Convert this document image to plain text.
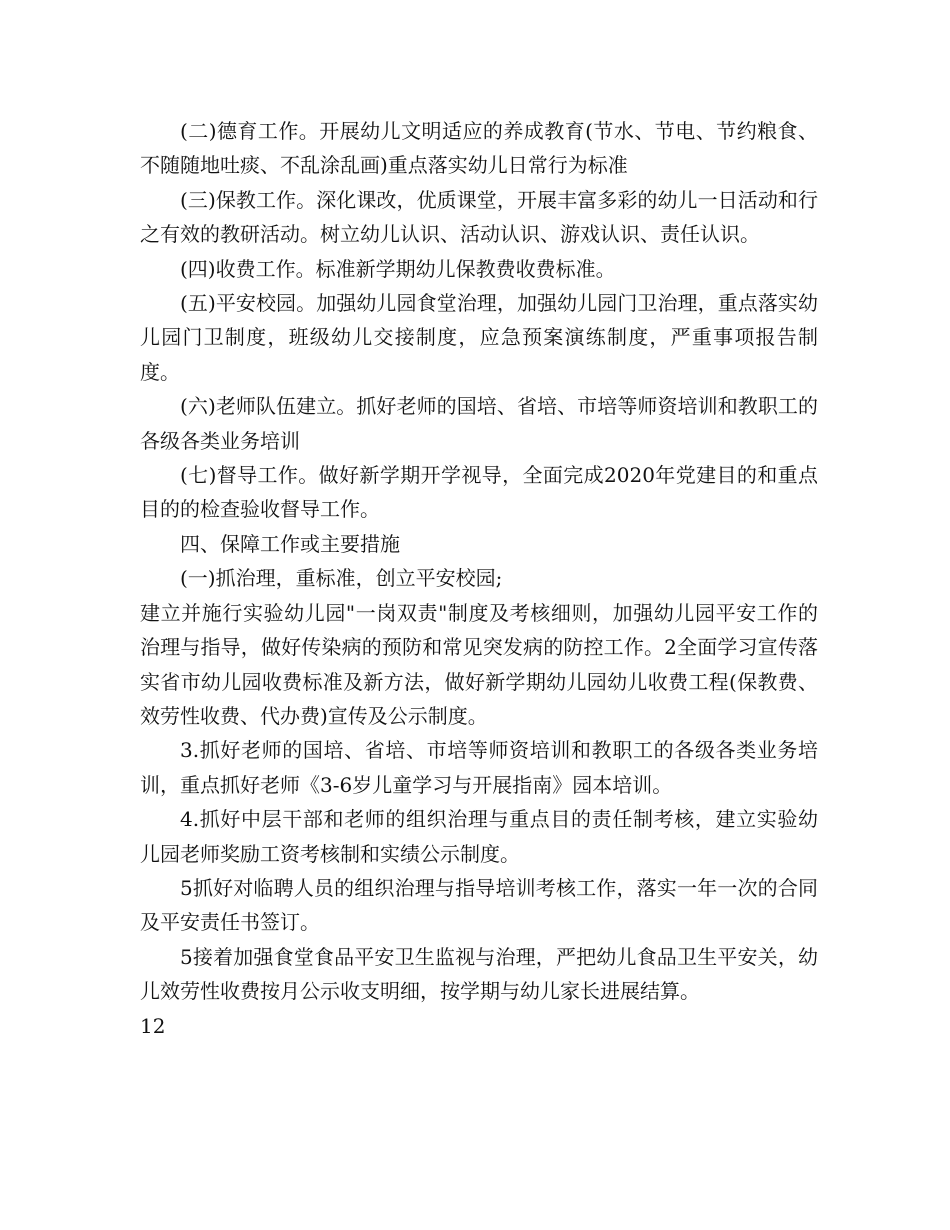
(二)德育工作。开展幼儿文明适应的养成教育(节水、节电、节约粮食、不随随地吐痰、不乱涂乱画)重点落实幼儿日常行为标准

(三)保教工作。深化课改，优质课堂，开展丰富多彩的幼儿一日活动和行之有效的教研活动。树立幼儿认识、活动认识、游戏认识、责任认识。

(四)收费工作。标准新学期幼儿保教费收费标准。

(五)平安校园。加强幼儿园食堂治理，加强幼儿园门卫治理，重点落实幼儿园门卫制度，班级幼儿交接制度，应急预案演练制度，严重事项报告制度。

(六)老师队伍建立。抓好老师的国培、省培、市培等师资培训和教职工的各级各类业务培训

(七)督导工作。做好新学期开学视导，全面完成2020年党建目的和重点目的的检查验收督导工作。

四、保障工作或主要措施

(一)抓治理，重标准，创立平安校园;

建立并施行实验幼儿园"一岗双责"制度及考核细则，加强幼儿园平安工作的治理与指导，做好传染病的预防和常见突发病的防控工作。2全面学习宣传落实省市幼儿园收费标准及新方法，做好新学期幼儿园幼儿收费工程(保教费、效劳性收费、代办费)宣传及公示制度。

3.抓好老师的国培、省培、市培等师资培训和教职工的各级各类业务培训，重点抓好老师《3-6岁儿童学习与开展指南》园本培训。

4.抓好中层干部和老师的组织治理与重点目的责任制考核，建立实验幼儿园老师奖励工资考核制和实绩公示制度。

5抓好对临聘人员的组织治理与指导培训考核工作，落实一年一次的合同及平安责任书签订。

5接着加强食堂食品平安卫生监视与治理，严把幼儿食品卫生平安关，幼儿效劳性收费按月公示收支明细，按学期与幼儿家长进展结算。

12
